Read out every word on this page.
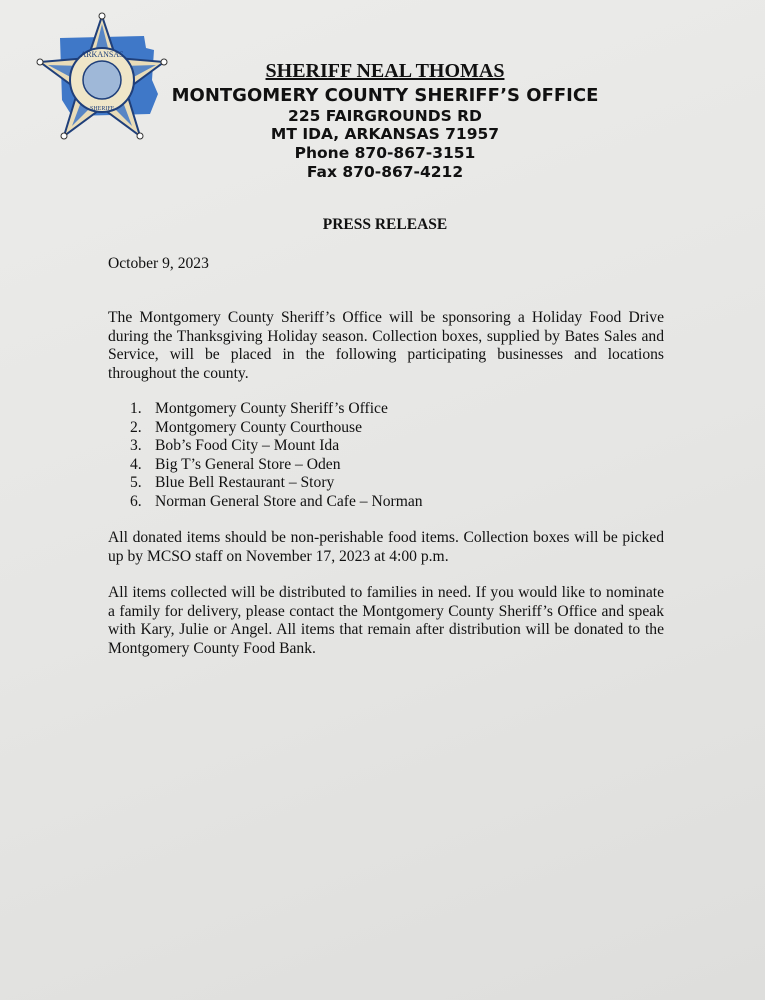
ARKANSAS
SHERIFF
SHERIFF NEAL THOMAS
MONTGOMERY COUNTY SHERIFF’S OFFICE
225 FAIRGROUNDS RD
MT IDA, ARKANSAS 71957
Phone 870-867-3151
Fax 870-867-4212
PRESS RELEASE
October 9, 2023
The Montgomery County Sheriff’s Office will be sponsoring a Holiday Food Drive during the Thanksgiving Holiday season. Collection boxes, supplied by Bates Sales and Service, will be placed in the following participating businesses and locations throughout the county.
1. Montgomery County Sheriff’s Office
2. Montgomery County Courthouse
3. Bob’s Food City – Mount Ida
4. Big T’s General Store – Oden
5. Blue Bell Restaurant – Story
6. Norman General Store and Cafe – Norman
All donated items should be non-perishable food items. Collection boxes will be picked up by MCSO staff on November 17, 2023 at 4:00 p.m.
All items collected will be distributed to families in need. If you would like to nominate a family for delivery, please contact the Montgomery County Sheriff’s Office and speak with Kary, Julie or Angel. All items that remain after distribution will be donated to the Montgomery County Food Bank.
